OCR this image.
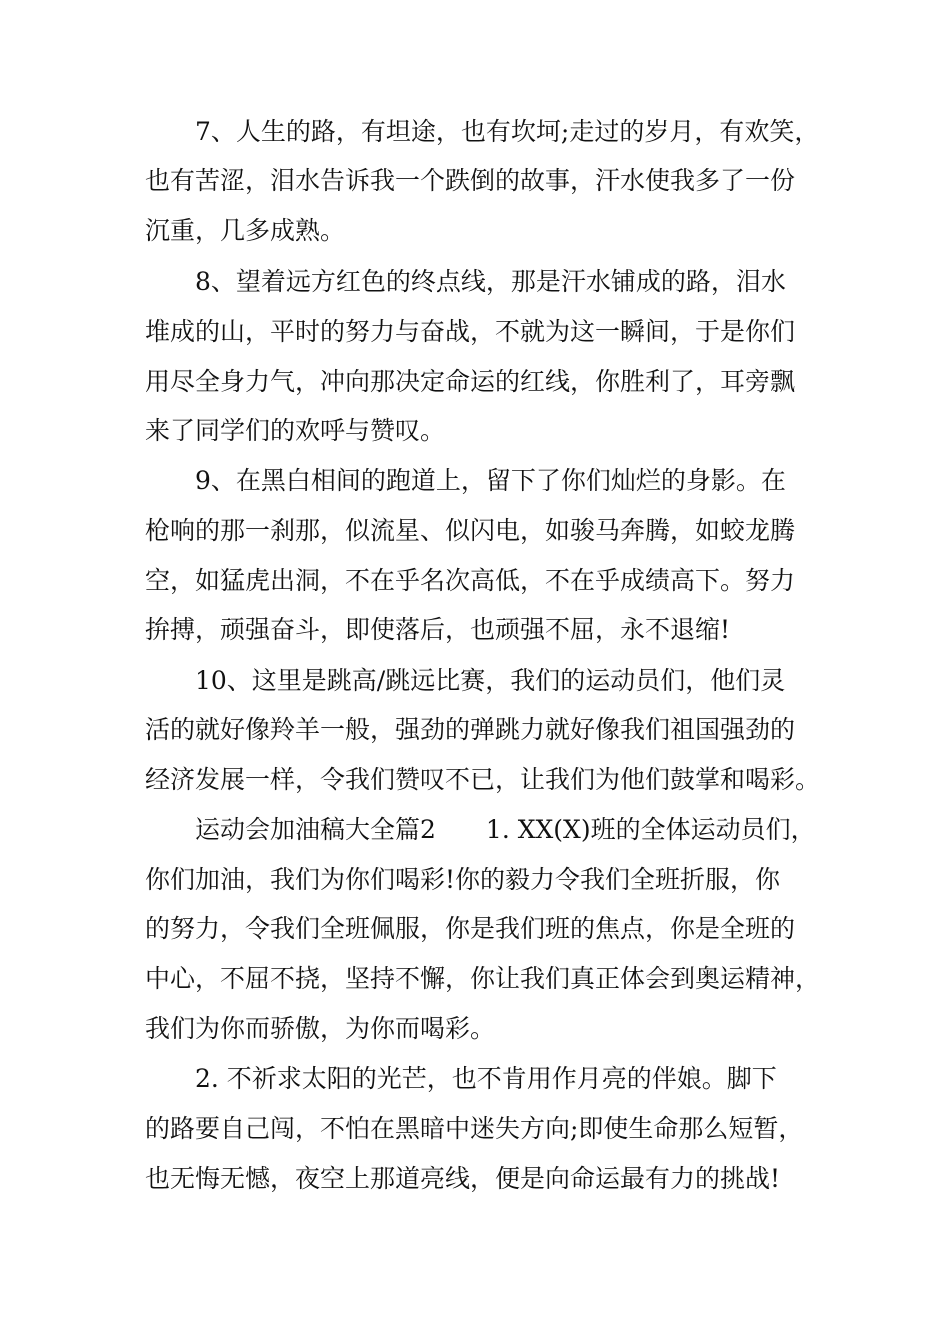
7、人生的路，有坦途，也有坎坷;走过的岁月，有欢笑，
也有苦涩，泪水告诉我一个跌倒的故事，汗水使我多了一份
沉重，几多成熟。
8、望着远方红色的终点线，那是汗水铺成的路，泪水
堆成的山，平时的努力与奋战，不就为这一瞬间，于是你们
用尽全身力气，冲向那决定命运的红线，你胜利了，耳旁飘
来了同学们的欢呼与赞叹。
9、在黑白相间的跑道上，留下了你们灿烂的身影。在
枪响的那一刹那，似流星、似闪电，如骏马奔腾，如蛟龙腾
空，如猛虎出洞，不在乎名次高低，不在乎成绩高下。努力
拚搏，顽强奋斗，即使落后，也顽强不屈，永不退缩!
10、这里是跳高/跳远比赛，我们的运动员们，他们灵
活的就好像羚羊一般，强劲的弹跳力就好像我们祖国强劲的
经济发展一样，令我们赞叹不已，让我们为他们鼓掌和喝彩。
运动会加油稿大全篇2　　1. XX(X)班的全体运动员们，
你们加油，我们为你们喝彩!你的毅力令我们全班折服，你
的努力，令我们全班佩服，你是我们班的焦点，你是全班的
中心，不屈不挠，坚持不懈，你让我们真正体会到奥运精神，
我们为你而骄傲，为你而喝彩。
2. 不祈求太阳的光芒，也不肯用作月亮的伴娘。脚下
的路要自己闯，不怕在黑暗中迷失方向;即使生命那么短暂，
也无悔无憾，夜空上那道亮线，便是向命运最有力的挑战!
